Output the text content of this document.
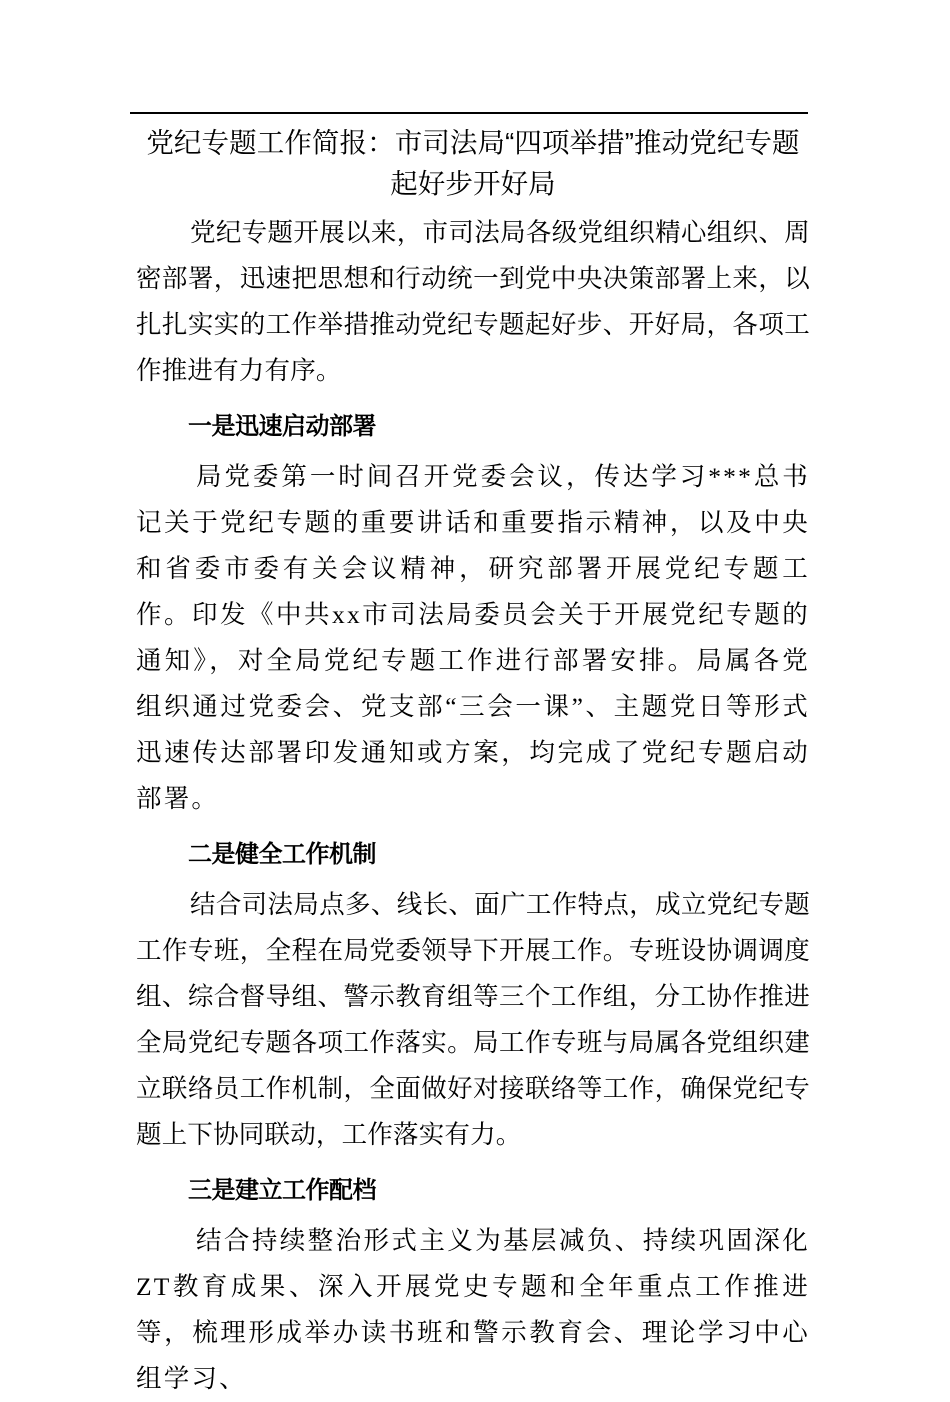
党纪专题工作简报：市司法局“四项举措”推动党纪专题起好步开好局

党纪专题开展以来，市司法局各级党组织精心组织、周密部署，迅速把思想和行动统一到党中央决策部署上来，以扎扎实实的工作举措推动党纪专题起好步、开好局，各项工作推进有力有序。

一是迅速启动部署

局党委第一时间召开党委会议，传达学习***总书记关于党纪专题的重要讲话和重要指示精神，以及中央和省委市委有关会议精神，研究部署开展党纪专题工作。印发《中共xx市司法局委员会关于开展党纪专题的通知》，对全局党纪专题工作进行部署安排。局属各党组织通过党委会、党支部“三会一课”、主题党日等形式迅速传达部署印发通知或方案，均完成了党纪专题启动部署。

二是健全工作机制

结合司法局点多、线长、面广工作特点，成立党纪专题工作专班，全程在局党委领导下开展工作。专班设协调调度组、综合督导组、警示教育组等三个工作组，分工协作推进全局党纪专题各项工作落实。局工作专班与局属各党组织建立联络员工作机制，全面做好对接联络等工作，确保党纪专题上下协同联动，工作落实有力。

三是建立工作配档

结合持续整治形式主义为基层减负、持续巩固深化ZT教育成果、深入开展党史专题和全年重点工作推进等，梳理形成举办读书班和警示教育会、理论学习中心组学习、
